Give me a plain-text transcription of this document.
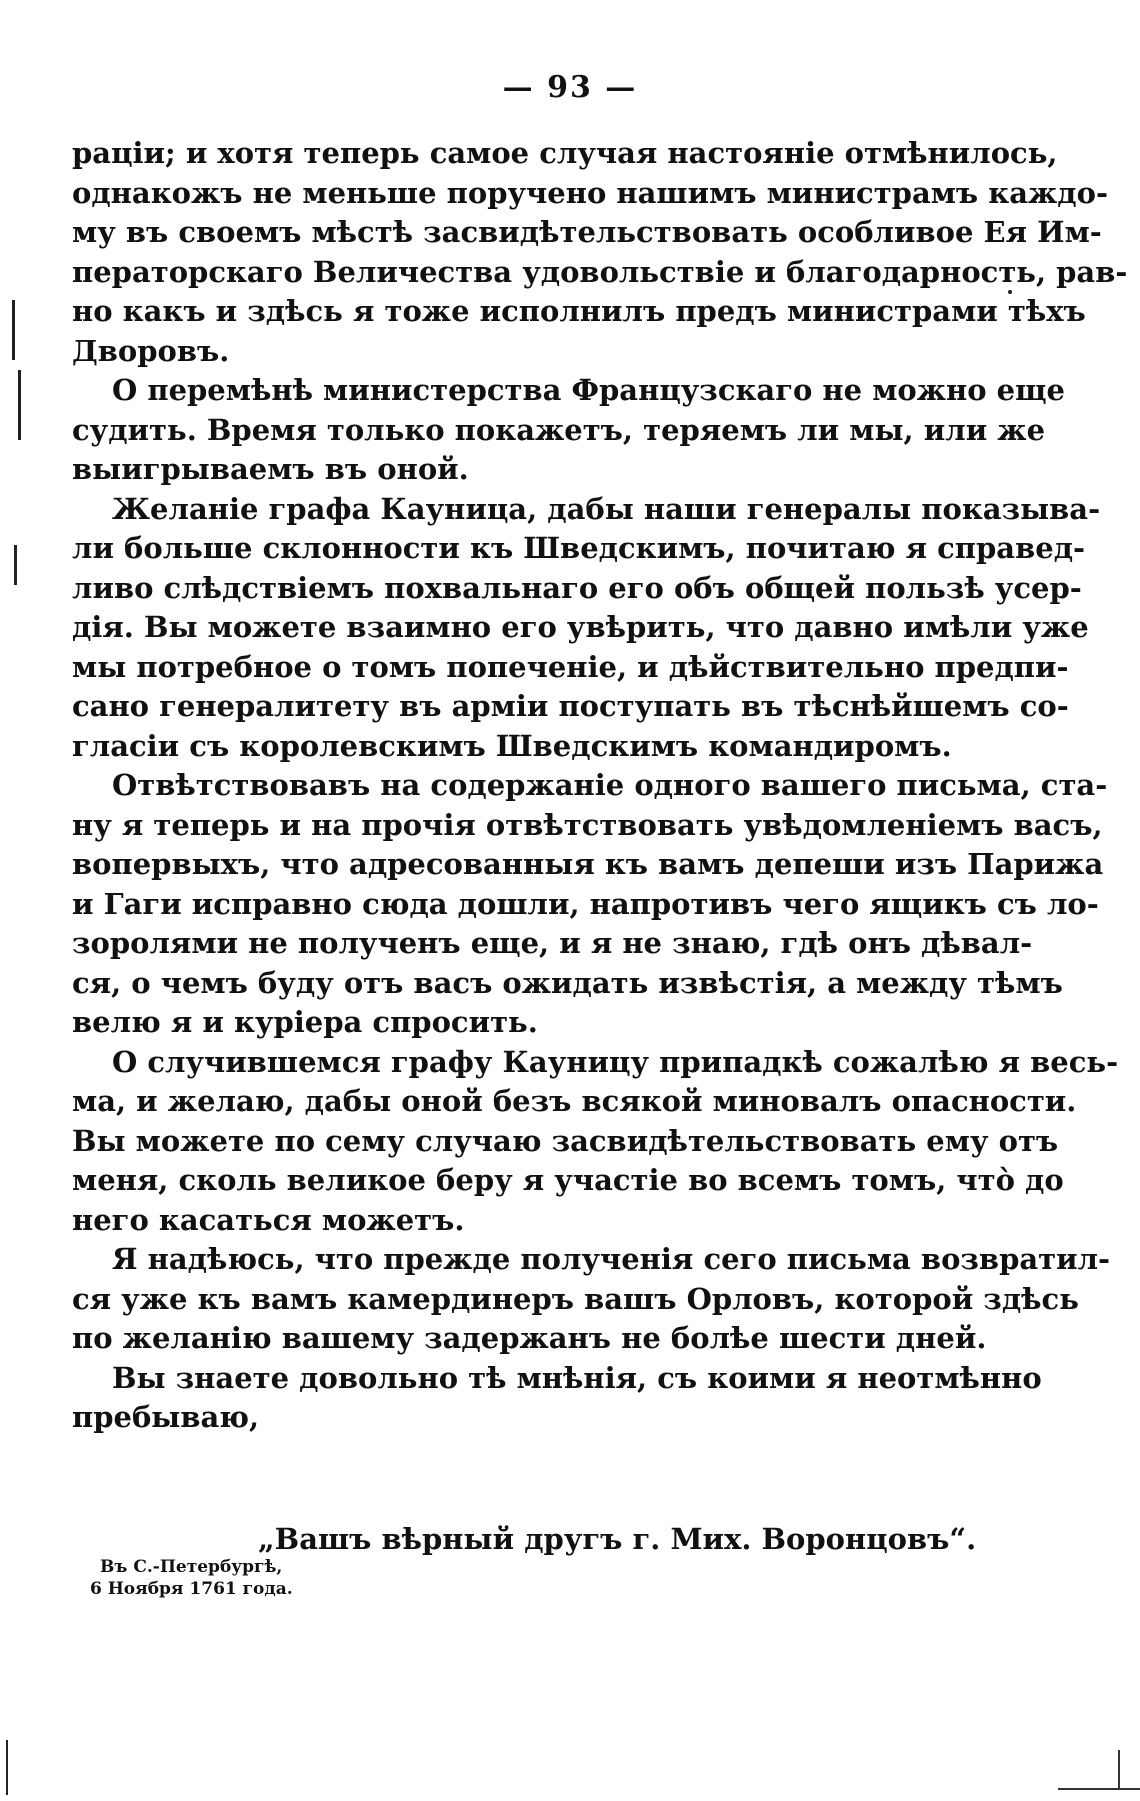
— 93 —
раціи; и хотя теперь самое случая настояніе отмѣнилось,
однакожъ не меньше поручено нашимъ министрамъ каждо-
му въ своемъ мѣстѣ засвидѣтельствовать особливое Ея Им-
ператорскаго Величества удовольствіе и благодарность, рав-
но какъ и здѣсь я тоже исполнилъ предъ министрами тѣхъ
Дворовъ.
О перемѣнѣ министерства Французскаго не можно еще
судить. Время только покажетъ, теряемъ ли мы, или же
выигрываемъ въ оной.
Желаніе графа Кауница, дабы наши генералы показыва-
ли больше склонности къ Шведскимъ, почитаю я справед-
ливо слѣдствіемъ похвальнаго его объ общей пользѣ усер-
дія. Вы можете взаимно его увѣрить, что давно имѣли уже
мы потребное о томъ попеченіе, и дѣйствительно предпи-
сано генералитету въ арміи поступать въ тѣснѣйшемъ со-
гласіи съ королевскимъ Шведскимъ командиромъ.
Отвѣтствовавъ на содержаніе одного вашего письма, ста-
ну я теперь и на прочія отвѣтствовать увѣдомленіемъ васъ,
вопервыхъ, что адресованныя къ вамъ депеши изъ Парижа
и Гаги исправно сюда дошли, напротивъ чего ящикъ съ ло-
зоролями не полученъ еще, и я не знаю, гдѣ онъ дѣвал-
ся, о чемъ буду отъ васъ ожидать извѣстія, а между тѣмъ
велю я и куріера спросить.
О случившемся графу Кауницу припадкѣ сожалѣю я весь-
ма, и желаю, дабы оной безъ всякой миновалъ опасности.
Вы можете по сему случаю засвидѣтельствовать ему отъ
меня, сколь великое беру я участіе во всемъ томъ, чтò до
него касаться можетъ.
Я надѣюсь, что прежде полученія сего письма возвратил-
ся уже къ вамъ камердинеръ вашъ Орловъ, которой здѣсь
по желанію вашему задержанъ не болѣе шести дней.
Вы знаете довольно тѣ мнѣнія, съ коими я неотмѣнно
пребываю,
„Вашъ вѣрный другъ г. Мих. Воронцовъ“.
Въ С.-Петербургѣ,
6 Ноября 1761 года.
